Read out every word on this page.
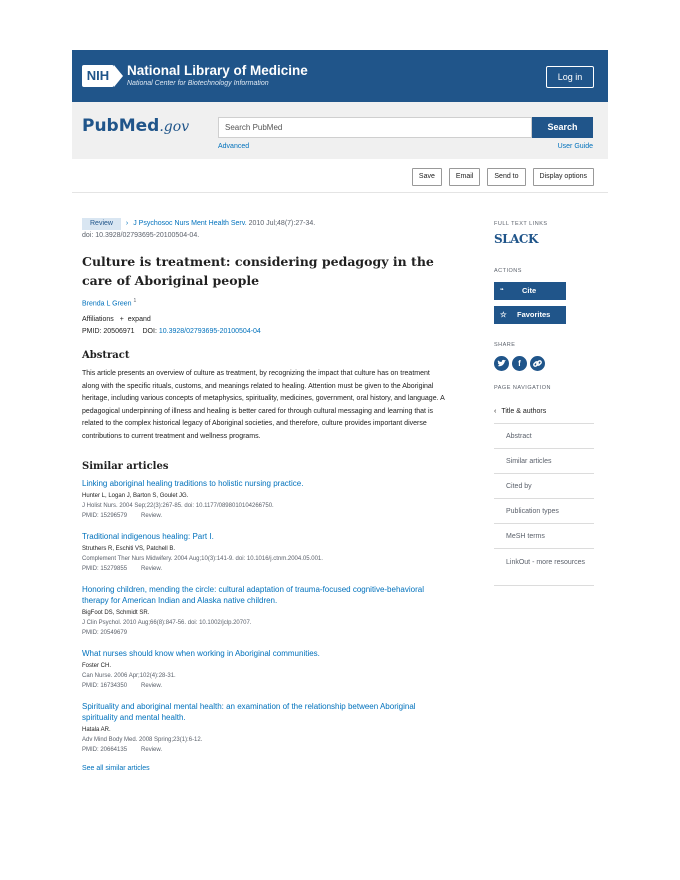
NIH	National Library of Medicine
National Center for Biotechnology Information
Log in
PubMed.gov	Search PubMed	Search
Advanced	User Guide
Save	Email	Send to	Display options
Review › J Psychosoc Nurs Ment Health Serv. 2010 Jul;48(7):27-34.
doi: 10.3928/02793695-20100504-04.
Culture is treatment: considering pedagogy in the care of Aboriginal people
Brenda L Green $^1$
Affiliations + expand
PMID: 20506971 DOI: 10.3928/02793695-20100504-04
Abstract
This article presents an overview of culture as treatment, by recognizing the impact that culture has on treatment along with the specific rituals, customs, and meanings related to healing. Attention must be given to the Aboriginal heritage, including various concepts of metaphysics, spirituality, medicines, government, oral history, and language. A pedagogical underpinning of illness and healing is better cared for through cultural messaging and learning that is related to the complex historical legacy of Aboriginal societies, and therefore, culture provides important diverse contributions to current treatment and wellness programs.
Similar articles
Linking aboriginal healing traditions to holistic nursing practice.
Hunter L, Logan J, Barton S, Goulet JG.
J Holist Nurs. 2004 Sep;22(3):267-85. doi: 10.1177/0898010104266750.
PMID: 15296579 Review.
Traditional indigenous healing: Part I.
Struthers R, Eschiti VS, Patchell B.
Complement Ther Nurs Midwifery. 2004 Aug;10(3):141-9. doi: 10.1016/j.ctnm.2004.05.001.
PMID: 15279855 Review.
Honoring children, mending the circle: cultural adaptation of trauma-focused cognitive-behavioral therapy for American Indian and Alaska native children.
BigFoot DS, Schmidt SR.
J Clin Psychol. 2010 Aug;66(8):847-56. doi: 10.1002/jclp.20707.
PMID: 20549679
What nurses should know when working in Aboriginal communities.
Foster CH.
Can Nurse. 2006 Apr;102(4):28-31.
PMID: 16734350 Review.
Spirituality and aboriginal mental health: an examination of the relationship between Aboriginal spirituality and mental health.
Hatala AR.
Adv Mind Body Med. 2008 Spring;23(1):6-12.
PMID: 20664135 Review.
See all similar articles
FULL TEXT LINKS
SLACK
ACTIONS
“ Cite
☆ Favorites
SHARE
f
PAGE NAVIGATION
‹ Title & authors
Abstract
Similar articles
Cited by
Publication types
MeSH terms
LinkOut - more resources
